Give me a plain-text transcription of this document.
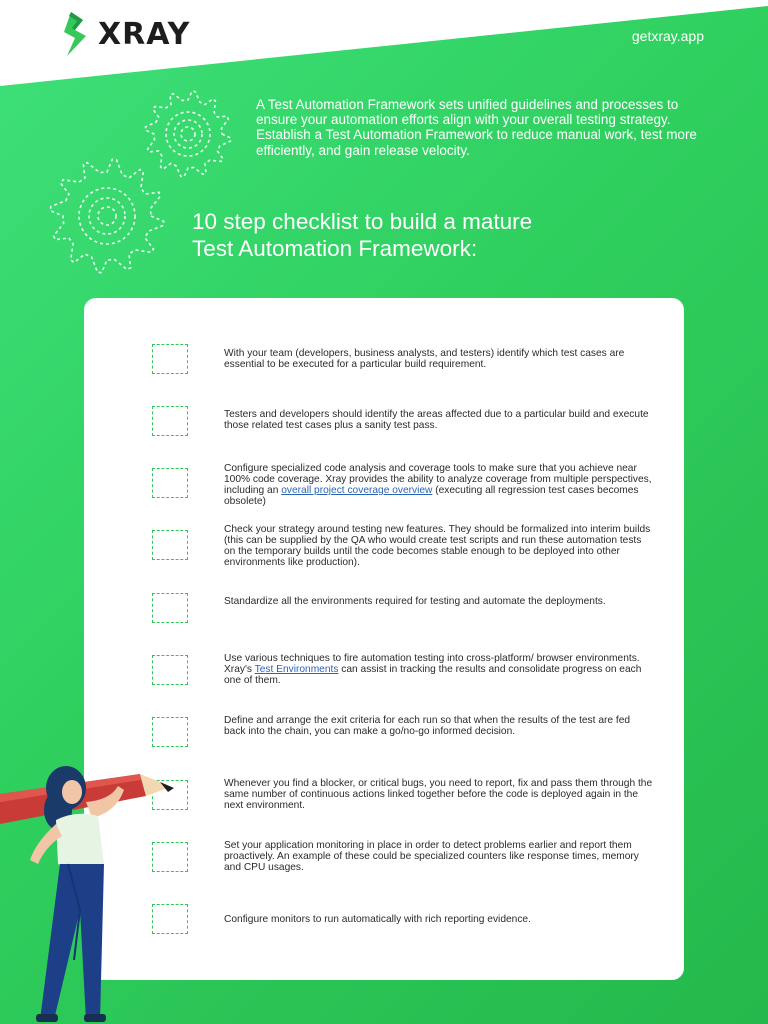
XRAY	getxray.app

A Test Automation Framework sets unified guidelines and processes to ensure your automation efforts align with your overall testing strategy.

Establish a Test Automation Framework to reduce manual work, test more efficiently, and gain release velocity.

10 step checklist to build a mature
Test Automation Framework:
With your team (developers, business analysts, and testers) identify which test cases are essential to be executed for a particular build requirement.
Testers and developers should identify the areas affected due to a particular build and execute those related test cases plus a sanity test pass.
Configure specialized code analysis and coverage tools to make sure that you achieve near 100% code coverage. Xray provides the ability to analyze coverage from multiple perspectives, including an overall project coverage overview (executing all regression test cases becomes obsolete)
Check your strategy around testing new features. They should be formalized into interim builds (this can be supplied by the QA who would create test scripts and run these automation tests on the temporary builds until the code becomes stable enough to be deployed into other environments like production).
Standardize all the environments required for testing and automate the deployments.
Use various techniques to fire automation testing into cross-platform/ browser environments. Xray's Test Environments can assist in tracking the results and consolidate progress on each one of them.
Define and arrange the exit criteria for each run so that when the results of the test are fed back into the chain, you can make a go/no-go informed decision.
Whenever you find a blocker, or critical bugs, you need to report, fix and pass them through the same number of continuous actions linked together before the code is deployed again in the next environment.
Set your application monitoring in place in order to detect problems earlier and report them proactively. An example of these could be specialized counters like response times, memory and CPU usages.
Configure monitors to run automatically with rich reporting evidence.
